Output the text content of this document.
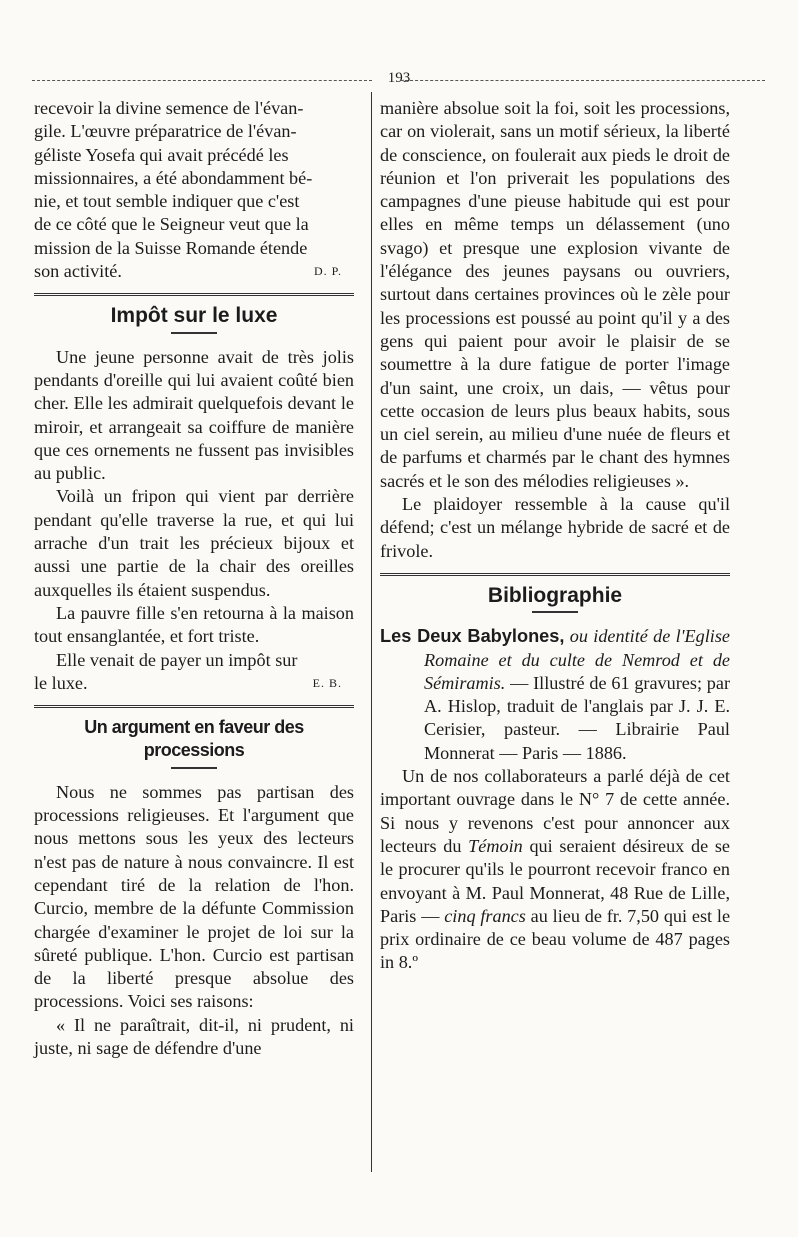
193

recevoir la divine semence de l'évan-

gile. L'œuvre préparatrice de l'évan-

géliste Yosefa qui avait précédé les

missionnaires, a été abondamment bé-

nie, et tout semble indiquer que c'est

de ce côté que le Seigneur veut que la

mission de la Suisse Romande étende

son activité.	D. P.

Impôt sur le luxe

Une jeune personne avait de très jolis pendants d'oreille qui lui avaient coûté bien cher. Elle les admirait quelquefois devant le miroir, et arrangeait sa coiffure de manière que ces ornements ne fussent pas invisibles au public.

Voilà un fripon qui vient par derrière pendant qu'elle traverse la rue, et qui lui arrache d'un trait les précieux bijoux et aussi une partie de la chair des oreilles auxquelles ils étaient suspendus.

La pauvre fille s'en retourna à la maison tout ensanglantée, et fort triste.

Elle venait de payer un impôt sur

le luxe.	E. B.

Un argument en faveur des processions

Nous ne sommes pas partisan des processions religieuses. Et l'argument que nous mettons sous les yeux des lecteurs n'est pas de nature à nous convaincre. Il est cependant tiré de la relation de l'hon. Curcio, membre de la défunte Commission chargée d'examiner le projet de loi sur la sûreté publique. L'hon. Curcio est partisan de la liberté presque absolue des processions. Voici ses raisons:

« Il ne paraîtrait, dit-il, ni prudent, ni juste, ni sage de défendre d'une

manière absolue soit la foi, soit les processions, car on violerait, sans un motif sérieux, la liberté de conscience, on foulerait aux pieds le droit de réunion et l'on priverait les populations des campagnes d'une pieuse habitude qui est pour elles en même temps un délassement (uno svago) et presque une explosion vivante de l'élégance des jeunes paysans ou ouvriers, surtout dans certaines provinces où le zèle pour les processions est poussé au point qu'il y a des gens qui paient pour avoir le plaisir de se soumettre à la dure fatigue de porter l'image d'un saint, une croix, un dais, — vêtus pour cette occasion de leurs plus beaux habits, sous un ciel serein, au milieu d'une nuée de fleurs et de parfums et charmés par le chant des hymnes sacrés et le son des mélodies religieuses ».

Le plaidoyer ressemble à la cause qu'il défend; c'est un mélange hybride de sacré et de frivole.

Bibliographie

Les Deux Babylones, ou identité de l'Eglise Romaine et du culte de Nemrod et de Sémiramis. — Illustré de 61 gravures; par A. Hislop, traduit de l'anglais par J. J. E. Cerisier, pasteur. — Librairie Paul Monnerat — Paris — 1886.

Un de nos collaborateurs a parlé déjà de cet important ouvrage dans le N° 7 de cette année. Si nous y revenons c'est pour annoncer aux lecteurs du Témoin qui seraient désireux de se le procurer qu'ils le pourront recevoir franco en envoyant à M. Paul Monnerat, 48 Rue de Lille, Paris — cinq francs au lieu de fr. 7,50 qui est le prix ordinaire de ce beau volume de 487 pages in 8.º
